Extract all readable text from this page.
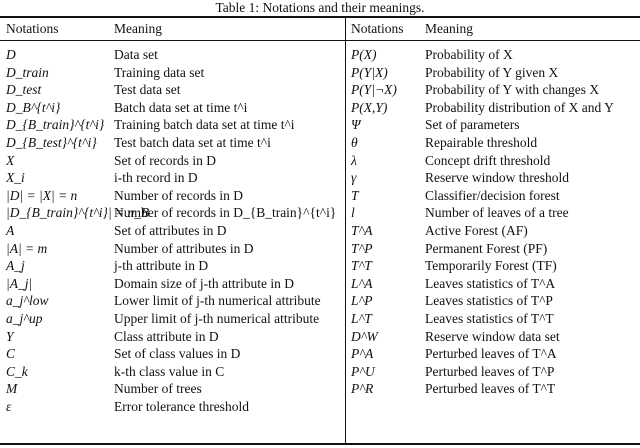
Table 1: Notations and their meanings.
Notations	Meaning	Notations Meaning
D
D_train
D_test
D_B^{t^i}
D_{B_train}^{t^i}
D_{B_test}^{t^i}
X
X_i
|D| = |X| = n
|D_{B_train}^{t^i}| = n_B
A
|A| = m
A_j
|A_j|
a_j^low
a_j^up
Y
C
C_k
M
ε
Data set
Training data set
Test data set
Batch data set at time t^i
Training batch data set at time t^i
Test batch data set at time t^i
Set of records in D
i-th record in D
Number of records in D
Number of records in D_{B_train}^{t^i}
Set of attributes in D
Number of attributes in D
j-th attribute in D
Domain size of j-th attribute in D
Lower limit of j-th numerical attribute
Upper limit of j-th numerical attribute
Class attribute in D
Set of class values in D
k-th class value in C
Number of trees
Error tolerance threshold
P(X)
P(Y|X)
P(Y|¬X)
P(X,Y)
Ψ
θ
λ
γ
T
l
T^A
T^P
T^T
L^A
L^P
L^T
D^W
P^A
P^U
P^R
Probability of X
Probability of Y given X
Probability of Y with changes X
Probability distribution of X and Y
Set of parameters
Repairable threshold
Concept drift threshold
Reserve window threshold
Classifier/decision forest
Number of leaves of a tree
Active Forest (AF)
Permanent Forest (PF)
Temporarily Forest (TF)
Leaves statistics of T^A
Leaves statistics of T^P
Leaves statistics of T^T
Reserve window data set
Perturbed leaves of T^A
Perturbed leaves of T^P
Perturbed leaves of T^T
